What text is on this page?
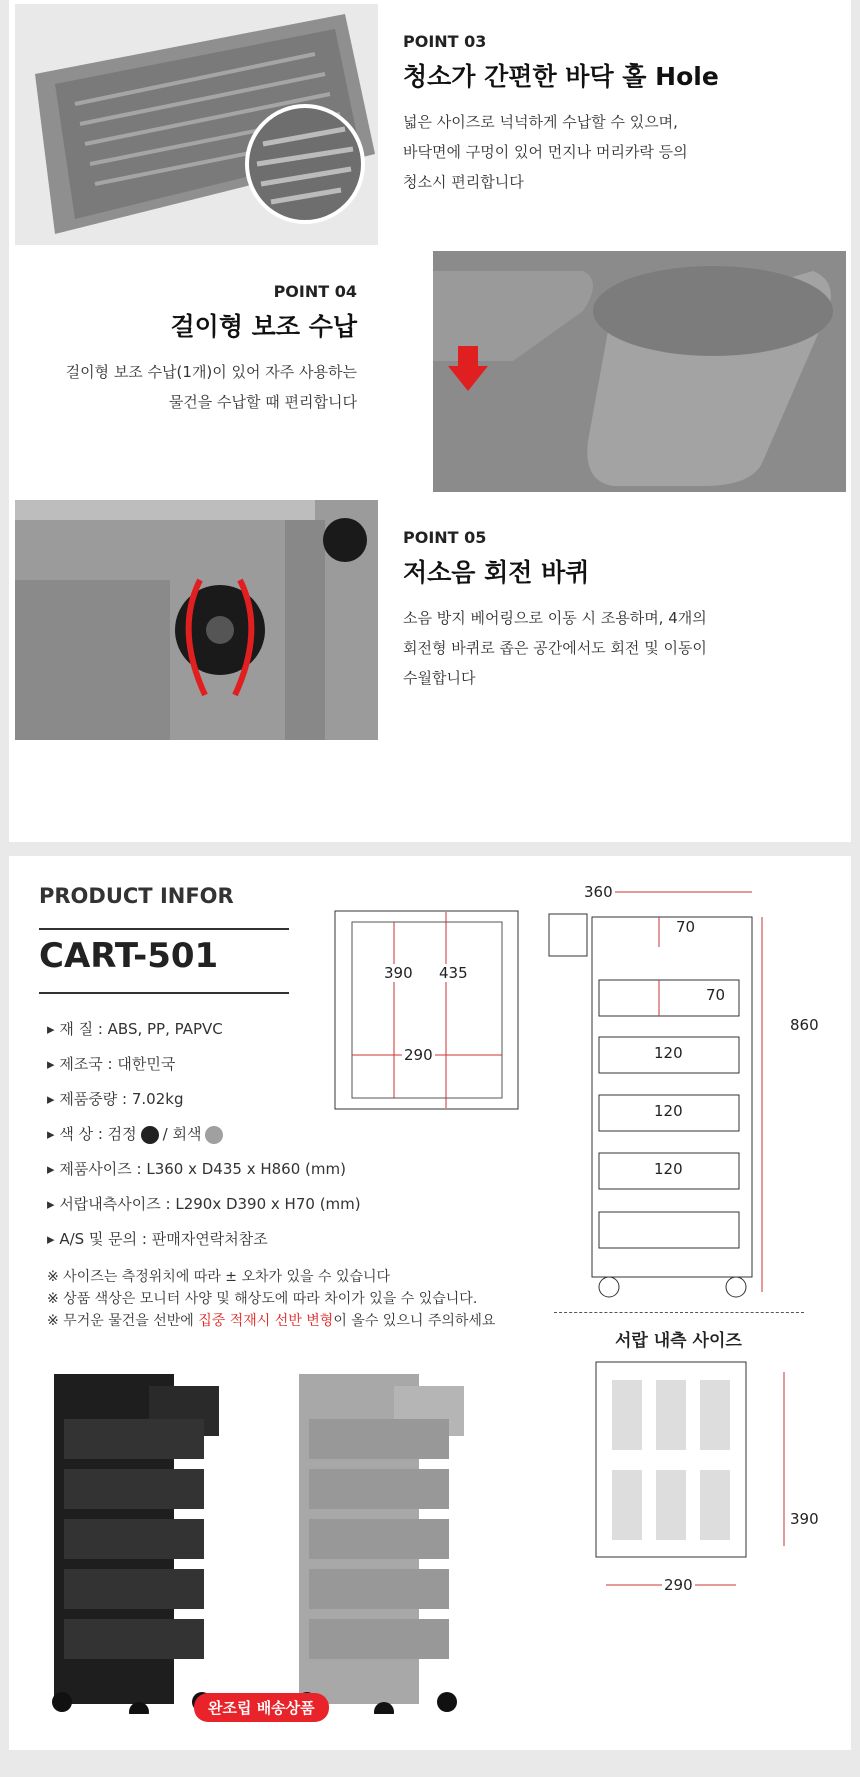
POINT 03
청소가 간편한 바닥 홀 Hole
넓은 사이즈로 넉넉하게 수납할 수 있으며,
바닥면에 구멍이 있어 먼지나 머리카락 등의
청소시 편리합니다
POINT 04
걸이형 보조 수납
걸이형 보조 수납(1개)이 있어 자주 사용하는
물건을 수납할 때 편리합니다
POINT 05
저소음 회전 바퀴
소음 방지 베어링으로 이동 시 조용하며, 4개의
회전형 바퀴로 좁은 공간에서도 회전 및 이동이
수월합니다
PRODUCT INFOR
CART-501
▸ 재 질 : ABS, PP, PAPVC
▸ 제조국 : 대한민국
▸ 제품중량 : 7.02kg
▸ 색 상 : 검정 / 회색
▸ 제품사이즈 : L360 x D435 x H860 (mm)
▸ 서랍내측사이즈 : L290x D390 x H70 (mm)
▸ A/S 및 문의 : 판매자연락처참조
※ 사이즈는 측정위치에 따라 ± 오차가 있을 수 있습니다
※ 상품 색상은 모니터 사양 및 해상도에 따라 차이가 있을 수 있습니다.
※ 무거운 물건을 선반에 집중 적재시 선반 변형이 올수 있으니 주의하세요
390 435
290
360
70
70
860
120
120
120
서랍 내측 사이즈
390
290
완조립 배송상품
